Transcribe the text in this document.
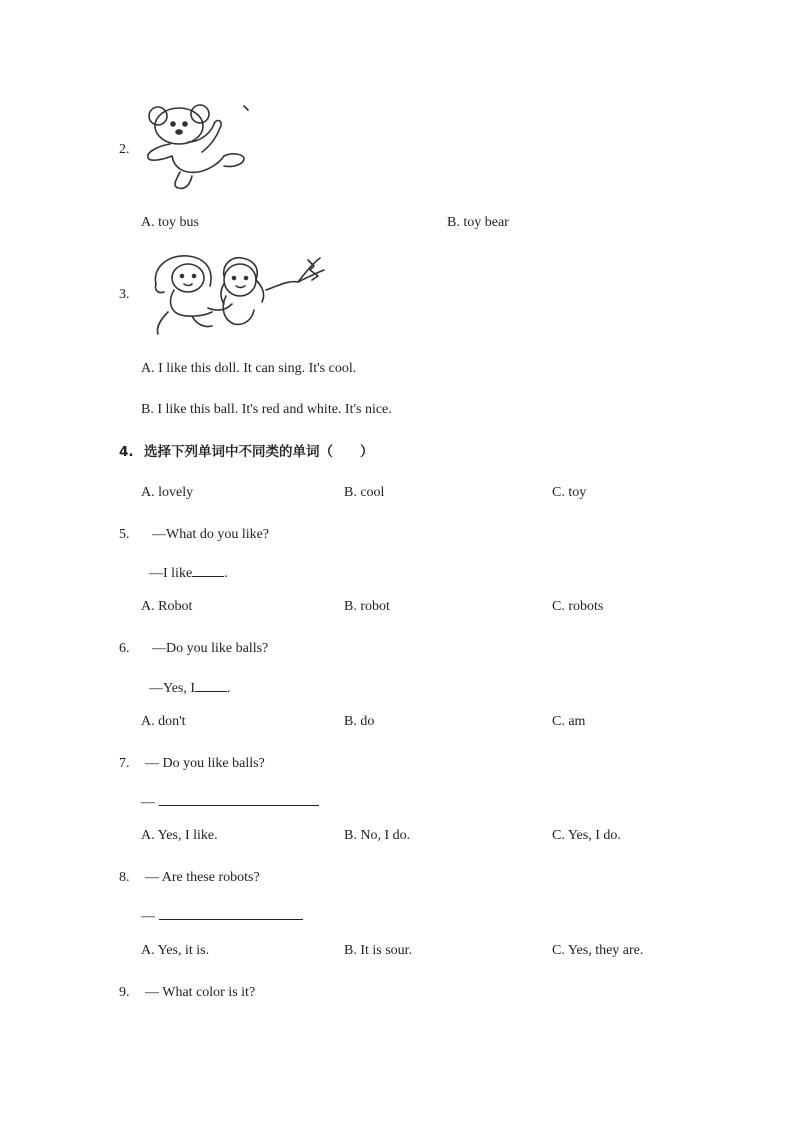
2.
A. toy bus	B. toy bear
3.
A. I like this doll. It can sing. It's cool.
B. I like this ball. It's red and white. It's nice.
4. 选择下列单词中不同类的单词（　　）
A. lovely	B. cool	C. toy
5. —What do you like?
—I like .
A. Robot	B. robot	C. robots
6. —Do you like balls?
—Yes, I .
A. don't	B. do	C. am
7. — Do you like balls?
—
A. Yes, I like.	B. No, I do.	C. Yes, I do.
8. — Are these robots?
—
A. Yes, it is.	B. It is sour.	C. Yes, they are.
9. — What color is it?
